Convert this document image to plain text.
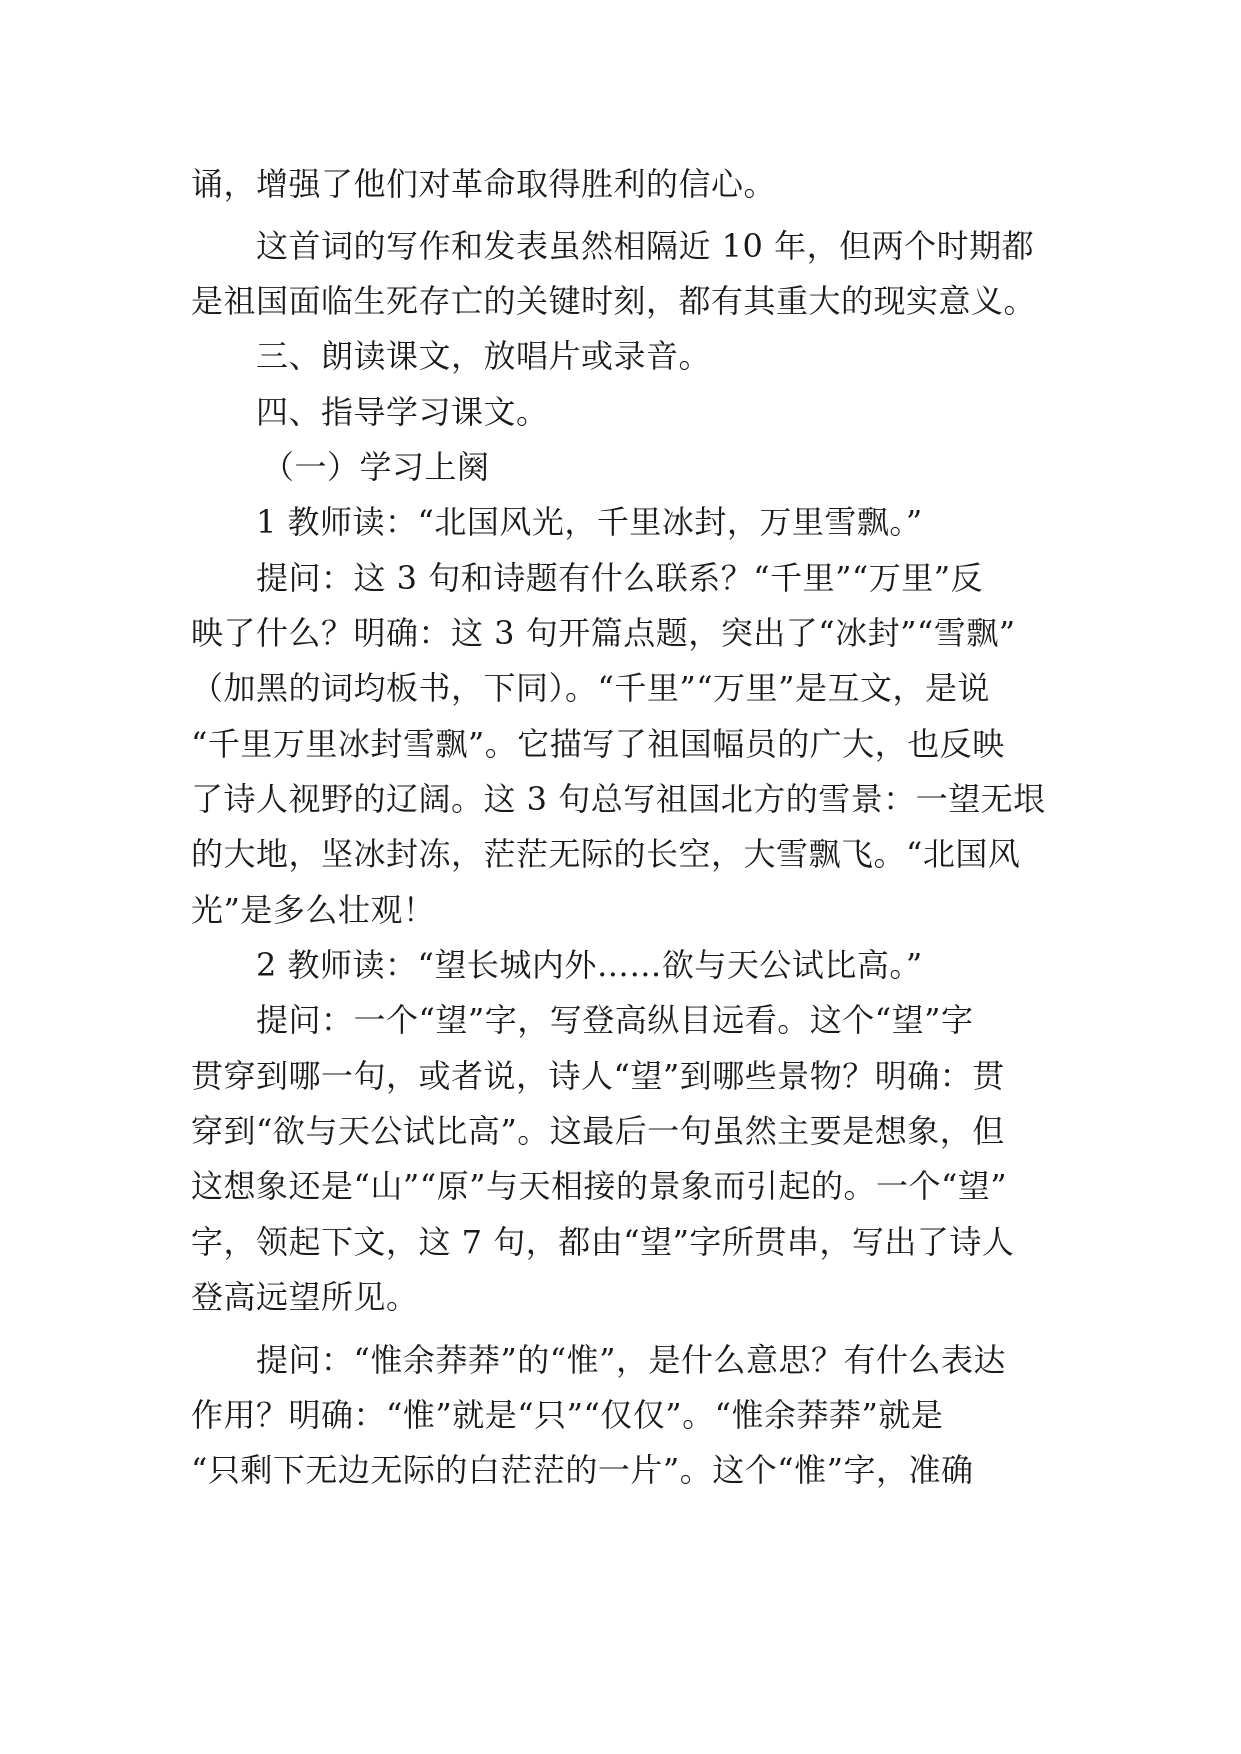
诵，增强了他们对革命取得胜利的信心。

这首词的写作和发表虽然相隔近 10 年，但两个时期都

是祖国面临生死存亡的关键时刻，都有其重大的现实意义。

三、朗读课文，放唱片或录音。

四、指导学习课文。

（一）学习上阕

1 教师读：“北国风光，千里冰封，万里雪飘。”

提问：这 3 句和诗题有什么联系？“千里”“万里”反

映了什么？明确：这 3 句开篇点题，突出了“冰封”“雪飘”

（加黑的词均板书，下同）。“千里”“万里”是互文，是说

“千里万里冰封雪飘”。它描写了祖国幅员的广大，也反映

了诗人视野的辽阔。这 3 句总写祖国北方的雪景：一望无垠

的大地，坚冰封冻，茫茫无际的长空，大雪飘飞。“北国风

光”是多么壮观！

2 教师读：“望长城内外……欲与天公试比高。”

提问：一个“望”字，写登高纵目远看。这个“望”字

贯穿到哪一句，或者说，诗人“望”到哪些景物？明确：贯

穿到“欲与天公试比高”。这最后一句虽然主要是想象，但

这想象还是“山”“原”与天相接的景象而引起的。一个“望”

字，领起下文，这 7 句，都由“望”字所贯串，写出了诗人

登高远望所见。

提问：“惟余莽莽”的“惟”，是什么意思？有什么表达

作用？明确：“惟”就是“只”“仅仅”。“惟余莽莽”就是

“只剩下无边无际的白茫茫的一片”。这个“惟”字，准确
